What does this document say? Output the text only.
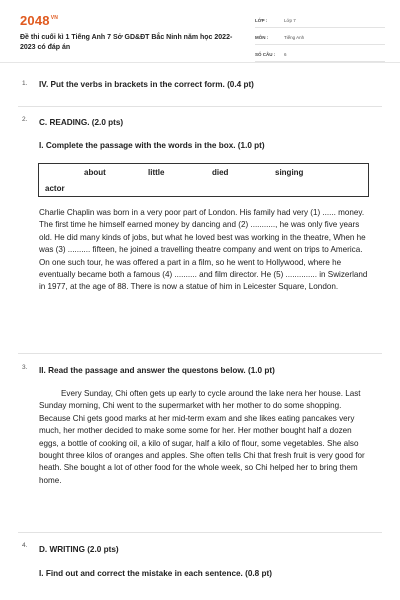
$2048^{VN}$
Đề thi cuối kì 1 Tiếng Anh 7 Sở GD&ĐT Bắc Ninh năm học 2022-2023 có đáp án
LỚP :	Lớp 7
MÔN :	Tiếng Anh
SỐ CÂU :	6
1. IV. Put the verbs in brackets in the correct form. (0.4 pt)
2. C. READING. (2.0 pts)
I. Complete the passage with the words in the box. (1.0 pt)
about	little	died	singing
actor
Charlie Chaplin was born in a very poor part of London. His family had very (1) ...... money. The first time he himself earned money by dancing and (2) ..........., he was only five years old. He did many kinds of jobs, but what he loved best was working in the theatre, When he was (3) .......... fifteen, he joined a travelling theatre company and went on trips to America. On one such tour, he was offered a part in a film, so he went to Hollywood, where he eventually became both a famous (4) .......... and film director. He (5) .............. in Swizerland in 1977, at the age of 88. There is now a statue of him in Leicester Square, London.
3. II. Read the passage and answer the questons below. (1.0 pt)
Every Sunday, Chi often gets up early to cycle around the lake nera her house. Last Sunday morning, Chi went to the supermarket with her mother to do some shopping. Because Chi gets good marks at her mid-term exam and she likes eating pancakes very much, her mother decided to make some some for her. Her mother bought half a dozen eggs, a bottle of cooking oil, a kilo of sugar, half a kilo of flour, some vegetables. She also bought three kilos of oranges and apples. She often tells Chi that fresh fruit is very good for heath. She bought a lot of other food for the whole week, so Chi helped her to bring them home.
4. D. WRITING (2.0 pts)
I. Find out and correct the mistake in each sentence. (0.8 pt)
